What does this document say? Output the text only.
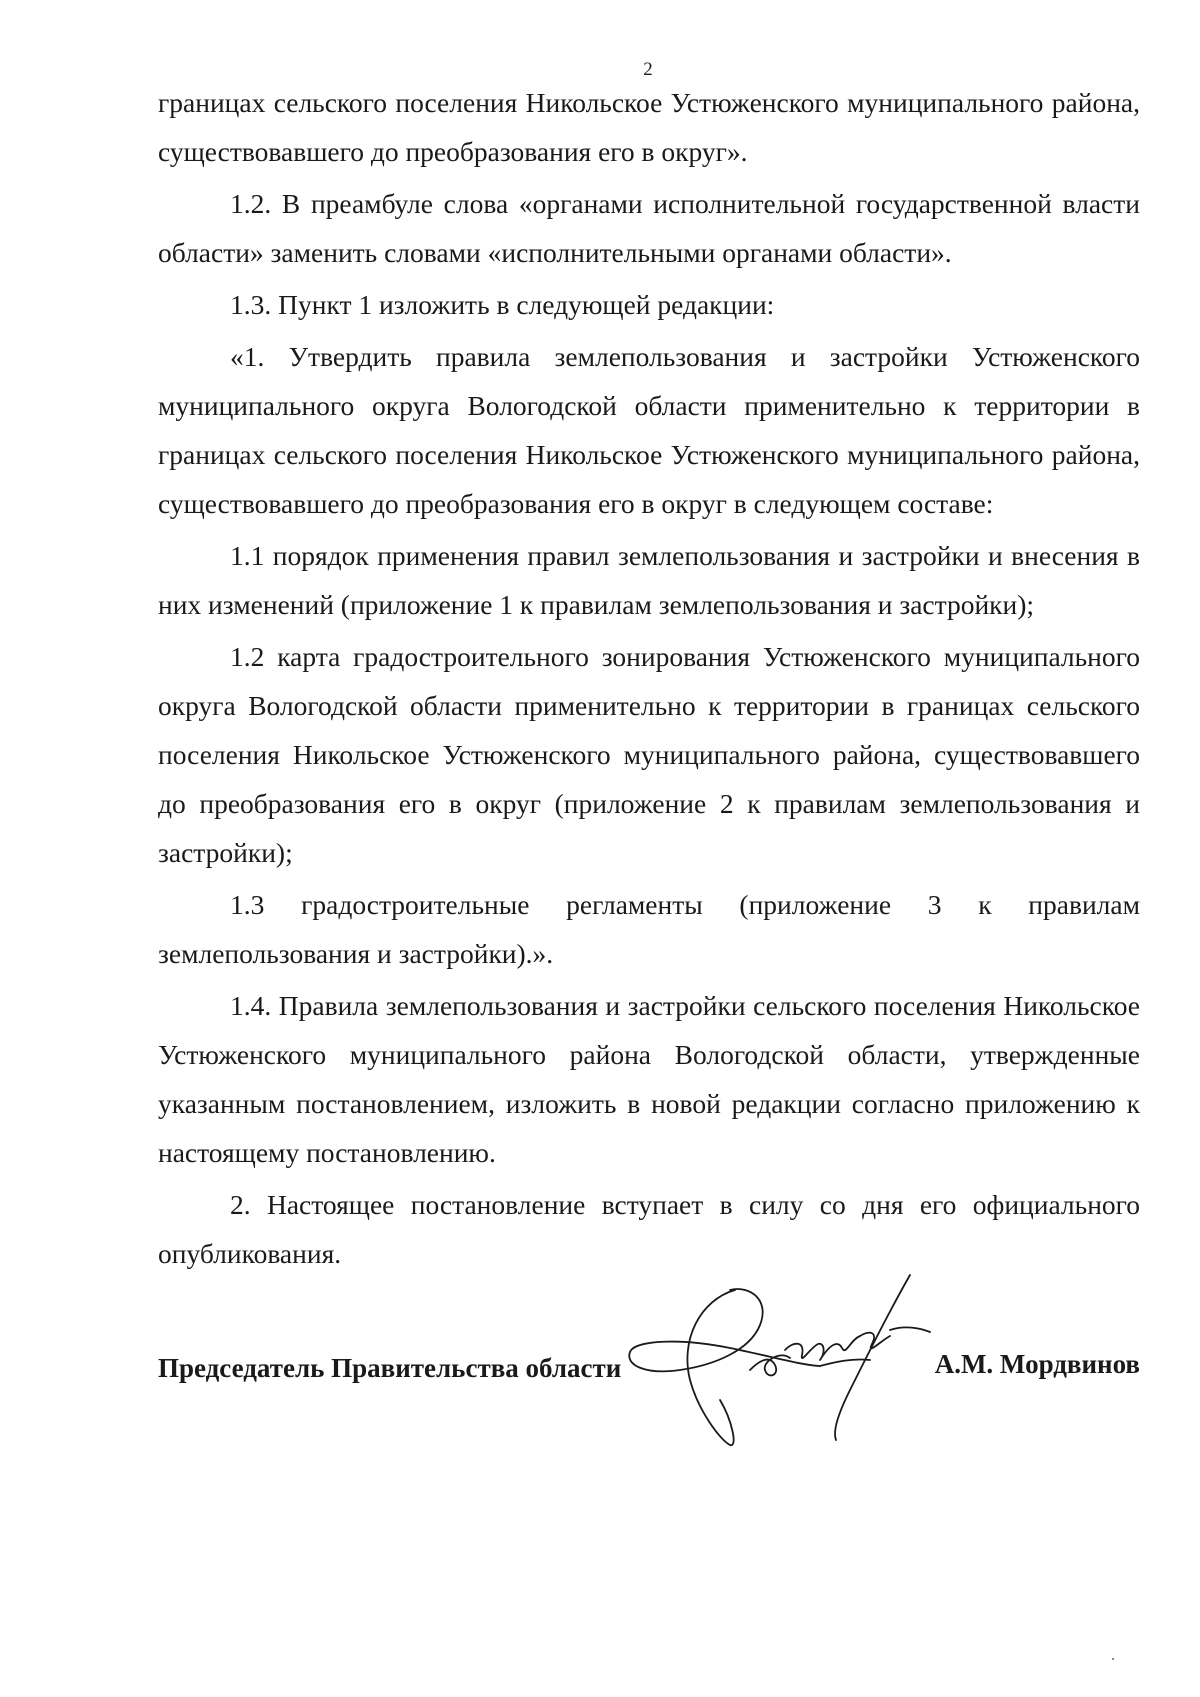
2

границах сельского поселения Никольское Устюженского муниципального района, существовавшего до преобразования его в округ».

1.2. В преамбуле слова «органами исполнительной государственной власти области» заменить словами «исполнительными органами области».

1.3. Пункт 1 изложить в следующей редакции:

«1. Утвердить правила землепользования и застройки Устюженского муниципального округа Вологодской области применительно к территории в границах сельского поселения Никольское Устюженского муниципального района, существовавшего до преобразования его в округ в следующем составе:

1.1 порядок применения правил землепользования и застройки и внесения в них изменений (приложение 1 к правилам землепользования и застройки);

1.2 карта градостроительного зонирования Устюженского муниципального округа Вологодской области применительно к территории в границах сельского поселения Никольское Устюженского муниципального района, существовавшего до преобразования его в округ (приложение 2 к правилам землепользования и застройки);

1.3 градостроительные регламенты (приложение 3 к правилам землепользования и застройки).».

1.4. Правила землепользования и застройки сельского поселения Никольское Устюженского муниципального района Вологодской области, утвержденные указанным постановлением, изложить в новой редакции согласно приложению к настоящему постановлению.

2. Настоящее постановление вступает в силу со дня его официального опубликования.

Председатель Правительства области	А.М. Мордвинов
